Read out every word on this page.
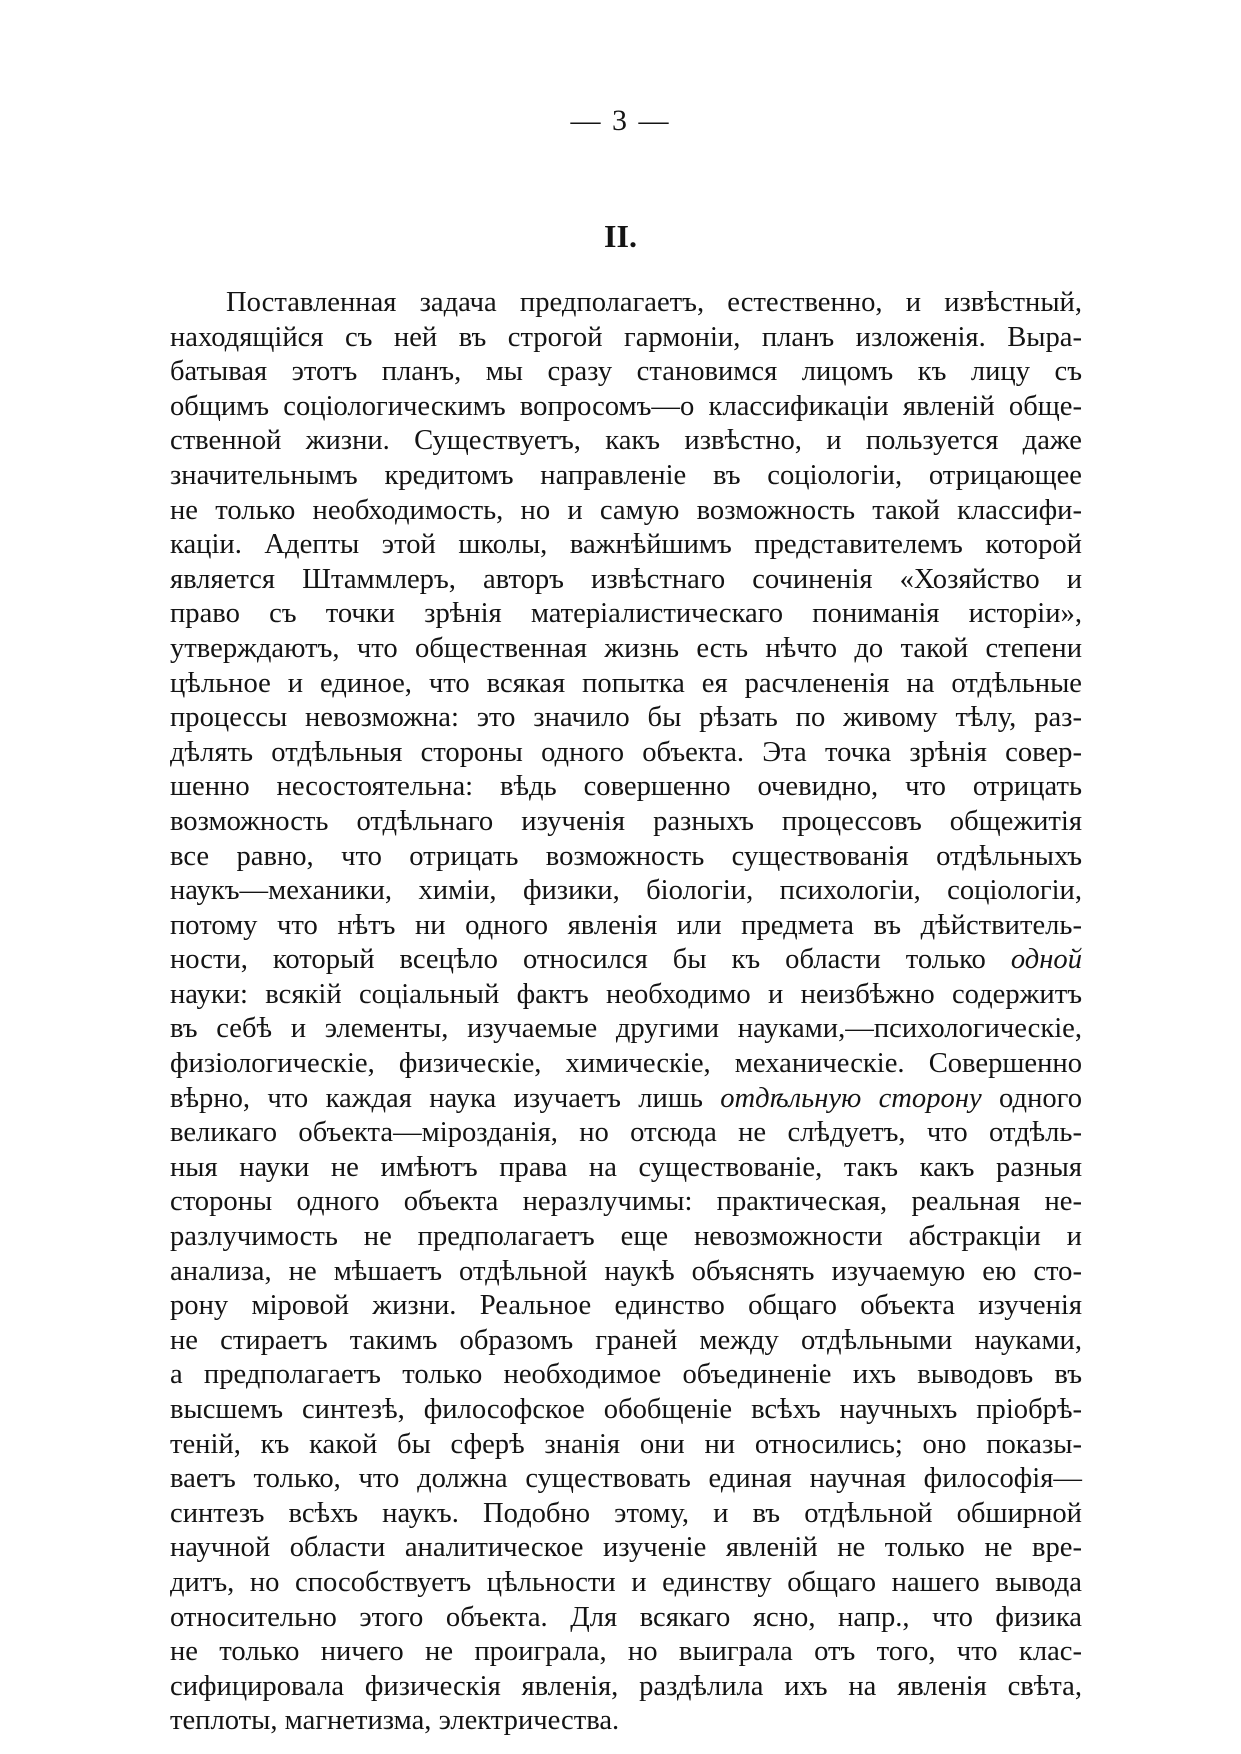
— 3 —
II.
Поставленная задача предполагаетъ, естественно, и извѣстный,
находящійся съ ней въ строгой гармоніи, планъ изложенія. Выра-
батывая этотъ планъ, мы сразу становимся лицомъ къ лицу съ
общимъ соціологическимъ вопросомъ—о классификаціи явленій обще-
ственной жизни. Существуетъ, какъ извѣстно, и пользуется даже
значительнымъ кредитомъ направленіе въ соціологіи, отрицающее
не только необходимость, но и самую возможность такой классифи-
каціи. Адепты этой школы, важнѣйшимъ представителемъ которой
является Штаммлеръ, авторъ извѣстнаго сочиненія «Хозяйство и
право съ точки зрѣнія матеріалистическаго пониманія исторіи»,
утверждаютъ, что общественная жизнь есть нѣчто до такой степени
цѣльное и единое, что всякая попытка ея расчлененія на отдѣльные
процессы невозможна: это значило бы рѣзать по живому тѣлу, раз-
дѣлять отдѣльныя стороны одного объекта. Эта точка зрѣнія совер-
шенно несостоятельна: вѣдь совершенно очевидно, что отрицать
возможность отдѣльнаго изученія разныхъ процессовъ общежитія
все равно, что отрицать возможность существованія отдѣльныхъ
наукъ—механики, химіи, физики, біологіи, психологіи, соціологіи,
потому что нѣтъ ни одного явленія или предмета въ дѣйствитель-
ности, который всецѣло относился бы къ области только одной
науки: всякій соціальный фактъ необходимо и неизбѣжно содержитъ
въ себѣ и элементы, изучаемые другими науками,—психологическіе,
физіологическіе, физическіе, химическіе, механическіе. Совершенно
вѣрно, что каждая наука изучаетъ лишь отдѣльную сторону одного
великаго объекта—мірозданія, но отсюда не слѣдуетъ, что отдѣль-
ныя науки не имѣютъ права на существованіе, такъ какъ разныя
стороны одного объекта неразлучимы: практическая, реальная не-
разлучимость не предполагаетъ еще невозможности абстракціи и
анализа, не мѣшаетъ отдѣльной наукѣ объяснять изучаемую ею сто-
рону міровой жизни. Реальное единство общаго объекта изученія
не стираетъ такимъ образомъ граней между отдѣльными науками,
а предполагаетъ только необходимое объединеніе ихъ выводовъ въ
высшемъ синтезѣ, философское обобщеніе всѣхъ научныхъ пріобрѣ-
теній, къ какой бы сферѣ знанія они ни относились; оно показы-
ваетъ только, что должна существовать единая научная философія—
синтезъ всѣхъ наукъ. Подобно этому, и въ отдѣльной обширной
научной области аналитическое изученіе явленій не только не вре-
дитъ, но способствуетъ цѣльности и единству общаго нашего вывода
относительно этого объекта. Для всякаго ясно, напр., что физика
не только ничего не проиграла, но выиграла отъ того, что клас-
сифицировала физическія явленія, раздѣлила ихъ на явленія свѣта,
теплоты, магнетизма, электричества.
